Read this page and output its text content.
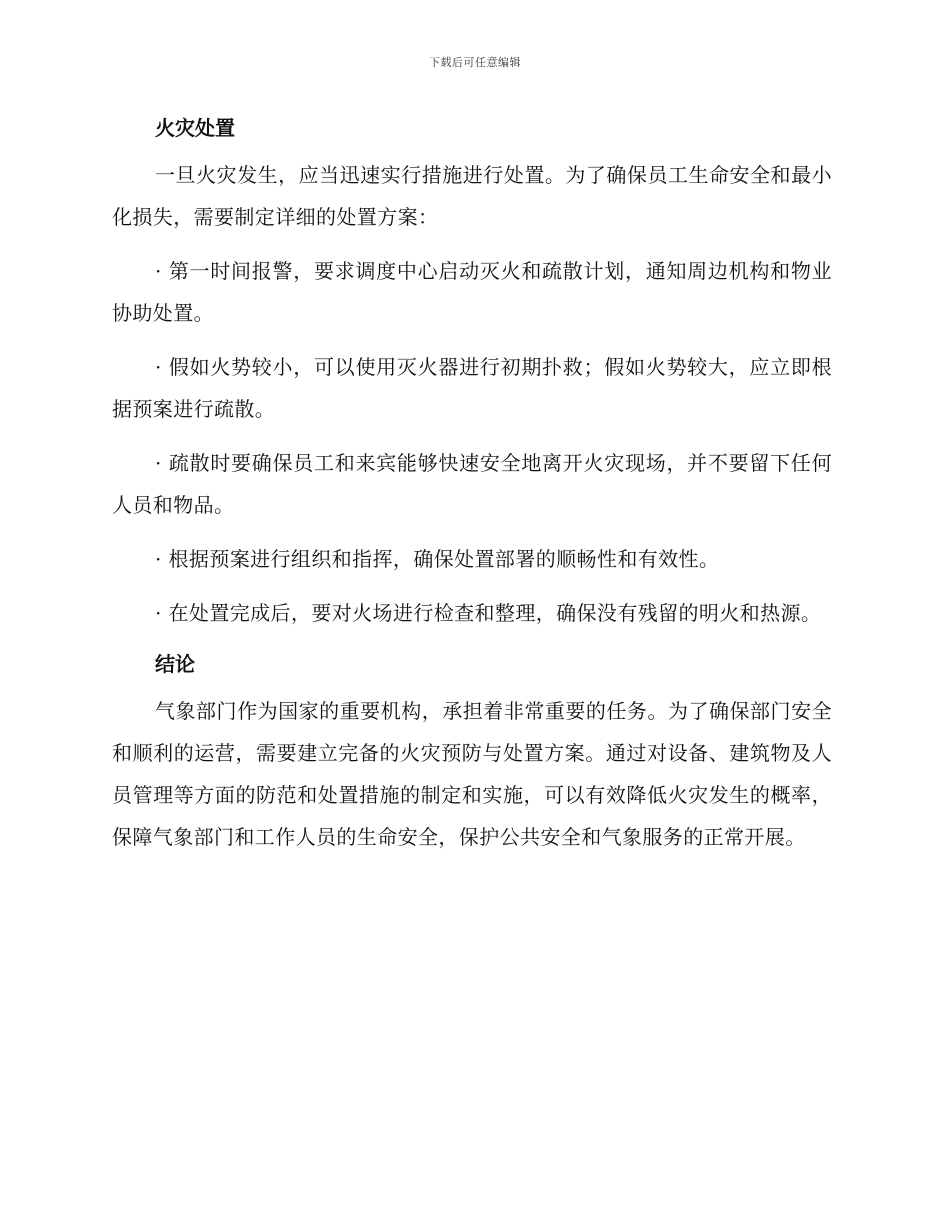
下载后可任意编辑
火灾处置

一旦火灾发生，应当迅速实行措施进行处置。为了确保员工生命安全和最小化损失，需要制定详细的处置方案：

· 第一时间报警，要求调度中心启动灭火和疏散计划，通知周边机构和物业协助处置。

· 假如火势较小，可以使用灭火器进行初期扑救；假如火势较大，应立即根据预案进行疏散。

· 疏散时要确保员工和来宾能够快速安全地离开火灾现场，并不要留下任何人员和物品。

· 根据预案进行组织和指挥，确保处置部署的顺畅性和有效性。

· 在处置完成后，要对火场进行检查和整理，确保没有残留的明火和热源。

结论

气象部门作为国家的重要机构，承担着非常重要的任务。为了确保部门安全和顺利的运营，需要建立完备的火灾预防与处置方案。通过对设备、建筑物及人员管理等方面的防范和处置措施的制定和实施，可以有效降低火灾发生的概率，保障气象部门和工作人员的生命安全，保护公共安全和气象服务的正常开展。
